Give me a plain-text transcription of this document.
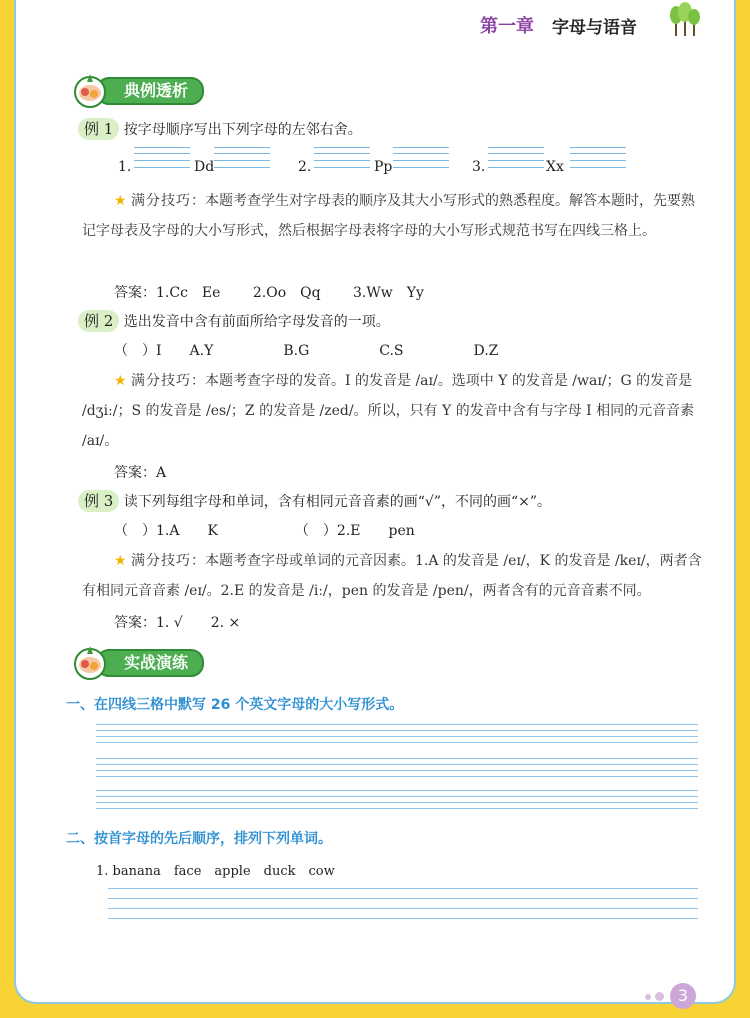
第一章 字母与语音
典例透析
例 1 按字母顺序写出下列字母的左邻右舍。
1.	Dd	2.	Pp	3.	Xx
★ 满分技巧：本题考查学生对字母表的顺序及其大小写形式的熟悉程度。解答本题时，先要熟记字母表及字母的大小写形式，然后根据字母表将字母的大小写形式规范书写在四线三格上。
答案：1.Cc　Ee　　 2.Oo　Qq　　 3.Ww　Yy
例 2 选出发音中含有前面所给字母发音的一项。
（　）I　　A.Y　　　　　B.G　　　　　C.S　　　　　D.Z
★ 满分技巧：本题考查字母的发音。I 的发音是 /aɪ/。选项中 Y 的发音是 /waɪ/；G 的发音是 /dʒiː/；S 的发音是 /es/；Z 的发音是 /zed/。所以，只有 Y 的发音中含有与字母 I 相同的元音音素 /aɪ/。
答案：A
例 3 读下列每组字母和单词，含有相同元音音素的画“√”，不同的画“×”。
（　）1.A　　K　　　　　　（　）2.E　　pen
★ 满分技巧：本题考查字母或单词的元音因素。1.A 的发音是 /eɪ/，K 的发音是 /keɪ/，两者含有相同元音音素 /eɪ/。2.E 的发音是 /iː/，pen 的发音是 /pen/，两者含有的元音音素不同。
答案：1. √　　2. ×
实战演练
一、在四线三格中默写 26 个英文字母的大小写形式。
二、按首字母的先后顺序，排列下列单词。
1. banana　face　apple　duck　cow
3
